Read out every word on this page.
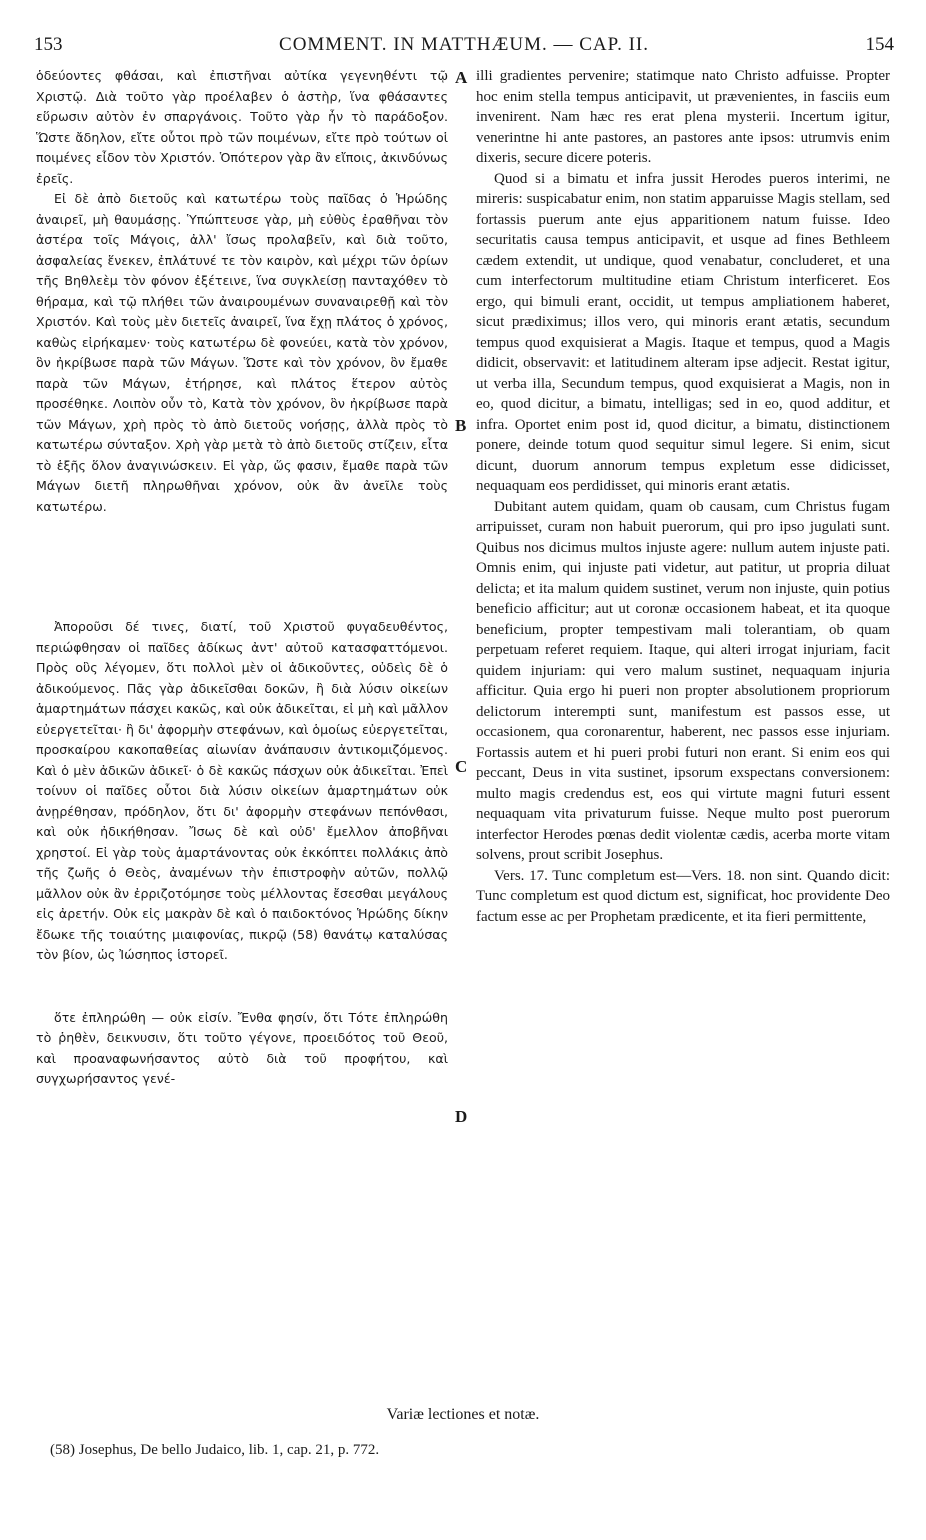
153	COMMENT. IN MATTHÆUM. — CAP. II.	154

ὁδεύοντες φθάσαι, καὶ ἐπιστῆναι αὐτίκα γεγενηθέντι τῷ Χριστῷ. Διὰ τοῦτο γὰρ προέλαβεν ὁ ἀστὴρ, ἵνα φθάσαντες εὕρωσιν αὐτὸν ἐν σπαργάνοις. Τοῦτο γὰρ ἦν τὸ παράδοξον. Ὥστε ἄδηλον, εἴτε οὗτοι πρὸ τῶν ποιμένων, εἴτε πρὸ τούτων οἱ ποιμένες εἶδον τὸν Χριστόν. Ὁπότερον γὰρ ἂν εἴποις, ἀκινδύνως ἐρεῖς.

Εἰ δὲ ἀπὸ διετοῦς καὶ κατωτέρω τοὺς παῖδας ὁ Ἡρώδης ἀναιρεῖ, μὴ θαυμάσῃς. Ὑπώπτευσε γὰρ, μὴ εὐθὺς ἐραθῆναι τὸν ἀστέρα τοῖς Μάγοις, ἀλλ' ἴσως προλαβεῖν, καὶ διὰ τοῦτο, ἀσφαλείας ἕνεκεν, ἐπλάτυνέ τε τὸν καιρὸν, καὶ μέχρι τῶν ὁρίων τῆς Βηθλεὲμ τὸν φόνον ἐξέτεινε, ἵνα συγκλείσῃ πανταχόθεν τὸ θήραμα, καὶ τῷ πλήθει τῶν ἀναιρουμένων συναναιρεθῇ καὶ τὸν Χριστόν. Καὶ τοὺς μὲν διετεῖς ἀναιρεῖ, ἵνα ἔχῃ πλάτος ὁ χρόνος, καθὼς εἰρήκαμεν· τοὺς κατωτέρω δὲ φονεύει, κατὰ τὸν χρόνον, ὃν ἠκρίβωσε παρὰ τῶν Μάγων. Ὥστε καὶ τὸν χρόνον, ὃν ἔμαθε παρὰ τῶν Μάγων, ἐτήρησε, καὶ πλάτος ἕτερον αὐτὸς προσέθηκε. Λοιπὸν οὖν τὸ, Κατὰ τὸν χρόνον, ὃν ἠκρίβωσε παρὰ τῶν Μάγων, χρὴ πρὸς τὸ ἀπὸ διετοῦς νοήσῃς, ἀλλὰ πρὸς τὸ κατωτέρω σύνταξον. Χρὴ γὰρ μετὰ τὸ ἀπὸ διετοῦς στίζειν, εἶτα τὸ ἑξῆς ὅλον ἀναγινώσκειν. Εἰ γὰρ, ὥς φασιν, ἔμαθε παρὰ τῶν Μάγων διετῆ πληρωθῆναι χρόνον, οὐκ ἂν ἀνεῖλε τοὺς κατωτέρω.

Ἀποροῦσι δέ τινες, διατί, τοῦ Χριστοῦ φυγαδευθέντος, περιώφθησαν οἱ παῖδες ἀδίκως ἀντ' αὐτοῦ κατασφαττόμενοι. Πρὸς οὓς λέγομεν, ὅτι πολλοὶ μὲν οἱ ἀδικοῦντες, οὐδεὶς δὲ ὁ ἀδικούμενος. Πᾶς γὰρ ἀδικεῖσθαι δοκῶν, ἢ διὰ λύσιν οἰκείων ἁμαρτημάτων πάσχει κακῶς, καὶ οὐκ ἀδικεῖται, εἰ μὴ καὶ μᾶλλον εὐεργετεῖται· ἢ δι' ἀφορμὴν στεφάνων, καὶ ὁμοίως εὐεργετεῖται, προσκαίρου κακοπαθείας αἰωνίαν ἀνάπαυσιν ἀντικομιζόμενος. Καὶ ὁ μὲν ἀδικῶν ἀδικεῖ· ὁ δὲ κακῶς πάσχων οὐκ ἀδικεῖται. Ἐπεὶ τοίνυν οἱ παῖδες οὗτοι διὰ λύσιν οἰκείων ἁμαρτημάτων οὐκ ἀνῃρέθησαν, πρόδηλον, ὅτι δι' ἀφορμὴν στεφάνων πεπόνθασι, καὶ οὐκ ἠδικήθησαν. Ἴσως δὲ καὶ οὐδ' ἔμελλον ἀποβῆναι χρηστοί. Εἰ γὰρ τοὺς ἁμαρτάνοντας οὐκ ἐκκόπτει πολλάκις ἀπὸ τῆς ζωῆς ὁ Θεὸς, ἀναμένων τὴν ἐπιστροφὴν αὐτῶν, πολλῷ μᾶλλον οὐκ ἂν ἐρριζοτόμησε τοὺς μέλλοντας ἔσεσθαι μεγάλους εἰς ἀρετήν. Οὐκ εἰς μακρὰν δὲ καὶ ὁ παιδοκτόνος Ἡρώδης δίκην ἔδωκε τῆς τοιαύτης μιαιφονίας, πικρῷ (58) θανάτῳ καταλύσας τὸν βίον, ὡς Ἰώσηπος ἱστορεῖ.

ὅτε ἐπληρώθη — οὐκ εἰσίν. Ἔνθα φησίν, ὅτι Τότε ἐπληρώθη τὸ ῥηθὲν, δεικνυσιν, ὅτι τοῦτο γέγονε, προειδότος τοῦ Θεοῦ, καὶ προαναφωνήσαντος αὐτὸ διὰ τοῦ προφήτου, καὶ συγχωρήσαντος γενέ-

A
B
C
D

illi gradientes pervenire; statimque nato Christo adfuisse. Propter hoc enim stella tempus anticipavit, ut prævenientes, in fasciis eum invenirent. Nam hæc res erat plena mysterii. Incertum igitur, venerintne hi ante pastores, an pastores ante ipsos: utrumvis enim dixeris, secure dicere poteris.

Quod si a bimatu et infra jussit Herodes pueros interimi, ne mireris: suspicabatur enim, non statim apparuisse Magis stellam, sed fortassis puerum ante ejus apparitionem natum fuisse. Ideo securitatis causa tempus anticipavit, et usque ad fines Bethleem cædem extendit, ut undique, quod venabatur, concluderet, et una cum interfectorum multitudine etiam Christum interficeret. Eos ergo, qui bimuli erant, occidit, ut tempus ampliationem haberet, sicut prædiximus; illos vero, qui minoris erant ætatis, secundum tempus quod exquisierat a Magis. Itaque et tempus, quod a Magis didicit, observavit: et latitudinem alteram ipse adjecit. Restat igitur, ut verba illa, Secundum tempus, quod exquisierat a Magis, non in eo, quod dicitur, a bimatu, intelligas; sed in eo, quod additur, et infra. Oportet enim post id, quod dicitur, a bimatu, distinctionem ponere, deinde totum quod sequitur simul legere. Si enim, sicut dicunt, duorum annorum tempus expletum esse didicisset, nequaquam eos perdidisset, qui minoris erant ætatis.

Dubitant autem quidam, quam ob causam, cum Christus fugam arripuisset, curam non habuit puerorum, qui pro ipso jugulati sunt. Quibus nos dicimus multos injuste agere: nullum autem injuste pati. Omnis enim, qui injuste pati videtur, aut patitur, ut propria diluat delicta; et ita malum quidem sustinet, verum non injuste, quin potius beneficio afficitur; aut ut coronæ occasionem habeat, et ita quoque beneficium, propter tempestivam mali tolerantiam, ob quam perpetuam referet requiem. Itaque, qui alteri irrogat injuriam, facit quidem injuriam: qui vero malum sustinet, nequaquam injuria afficitur. Quia ergo hi pueri non propter absolutionem propriorum delictorum interempti sunt, manifestum est passos esse, ut occasionem, qua coronarentur, haberent, nec passos esse injuriam. Fortassis autem et hi pueri probi futuri non erant. Si enim eos qui peccant, Deus in vita sustinet, ipsorum exspectans conversionem: multo magis credendus est, eos qui virtute magni futuri essent nequaquam vita privaturum fuisse. Neque multo post puerorum interfector Herodes pœnas dedit violentæ cædis, acerba morte vitam solvens, prout scribit Josephus.

Vers. 17. Tunc completum est—Vers. 18. non sint. Quando dicit: Tunc completum est quod dictum est, significat, hoc providente Deo factum esse ac per Prophetam prædicente, et ita fieri permittente,

Variæ lectiones et notæ.
(58) Josephus, De bello Judaico, lib. 1, cap. 21, p. 772.
